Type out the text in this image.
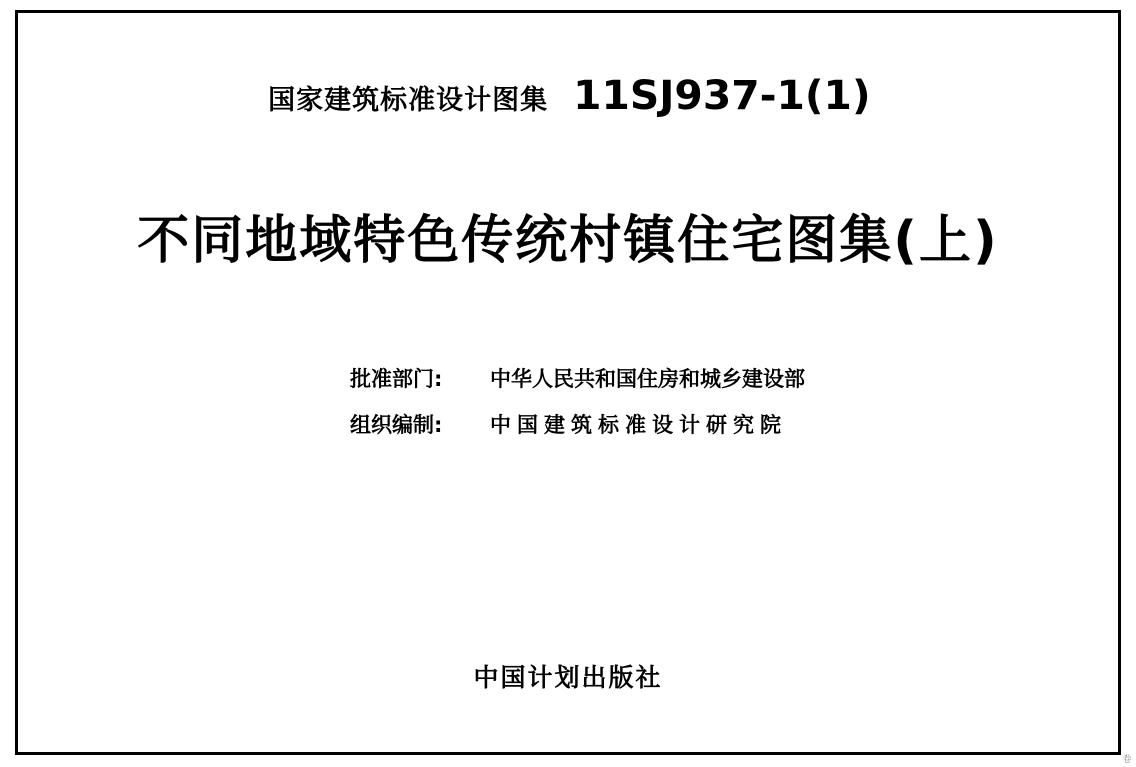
国家建筑标准设计图集 11SJ937-1(1)
不同地域特色传统村镇住宅图集(上)
批准部门:	中华人民共和国住房和城乡建设部
组织编制:	中国建筑标准设计研究院
中国计划出版社
卷
